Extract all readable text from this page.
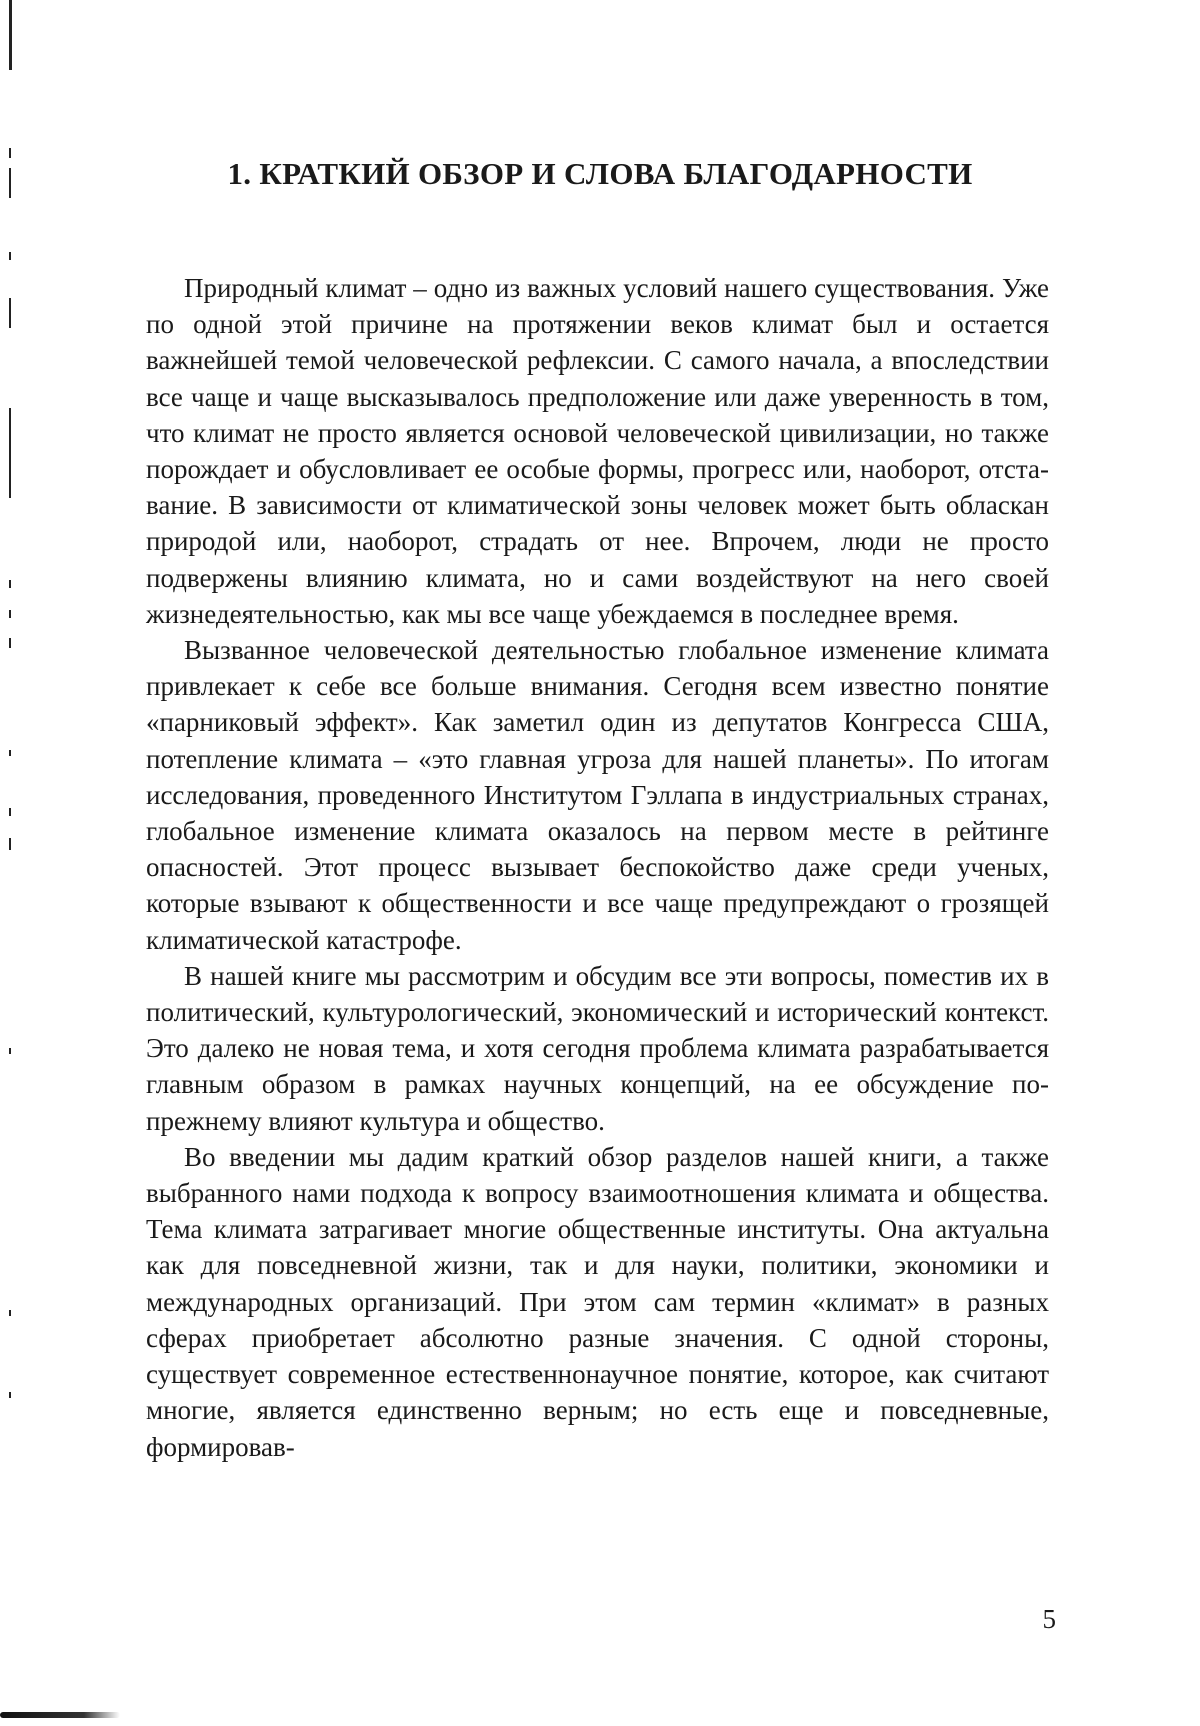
1. КРАТКИЙ ОБЗОР И СЛОВА БЛАГОДАРНОСТИ

Природный климат – одно из важных условий нашего существования. Уже по одной этой причине на протяжении веков климат был и остается важнейшей темой человеческой рефлексии. С самого начала, а впоследствии все чаще и чаще высказывалось предположение или даже уверенность в том, что климат не просто является основой человеческой цивилизации, но также порождает и обусловливает ее особые формы, прогресс или, наоборот, отставание. В зависимости от климатической зоны человек может быть обласкан природой или, наоборот, страдать от нее. Впрочем, люди не просто подвержены влиянию климата, но и сами воздействуют на него своей жизнедеятельностью, как мы все чаще убеждаемся в последнее время.

Вызванное человеческой деятельностью глобальное изменение климата привлекает к себе все больше внимания. Сегодня всем известно понятие «парниковый эффект». Как заметил один из депутатов Конгресса США, потепление климата – «это главная угроза для нашей планеты». По итогам исследования, проведенного Институтом Гэллапа в индустриальных странах, глобальное изменение климата оказалось на первом месте в рейтинге опасностей. Этот процесс вызывает беспокойство даже среди ученых, которые взывают к общественности и все чаще предупреждают о грозящей климатической катастрофе.

В нашей книге мы рассмотрим и обсудим все эти вопросы, поместив их в политический, культурологический, экономический и исторический контекст. Это далеко не новая тема, и хотя сегодня проблема климата разрабатывается главным образом в рамках научных концепций, на ее обсуждение по-прежнему влияют культура и общество.

Во введении мы дадим краткий обзор разделов нашей книги, а также выбранного нами подхода к вопросу взаимоотношения климата и общества. Тема климата затрагивает многие общественные институты. Она актуальна как для повседневной жизни, так и для науки, политики, экономики и международных организаций. При этом сам термин «климат» в разных сферах приобретает абсолютно разные значения. С одной стороны, существует современное естественнонаучное понятие, которое, как считают многие, является единственно верным; но есть еще и повседневные, формировав-

5
